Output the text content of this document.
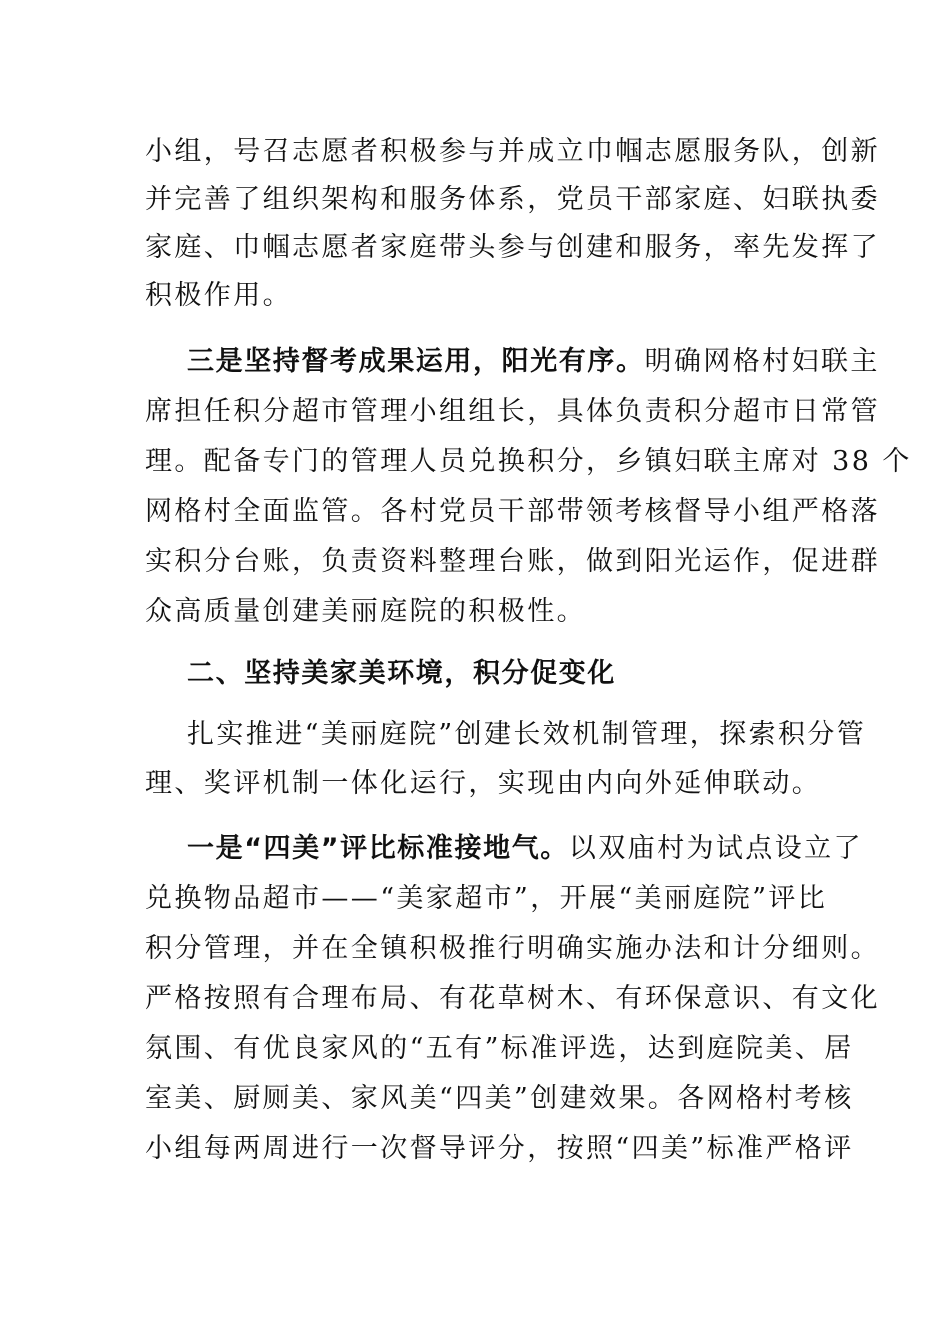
小组，号召志愿者积极参与并成立巾帼志愿服务队，创新
并完善了组织架构和服务体系，党员干部家庭、妇联执委
家庭、巾帼志愿者家庭带头参与创建和服务，率先发挥了
积极作用。
三是坚持督考成果运用，阳光有序。明确网格村妇联主
席担任积分超市管理小组组长，具体负责积分超市日常管
理。配备专门的管理人员兑换积分，乡镇妇联主席对 38 个
网格村全面监管。各村党员干部带领考核督导小组严格落
实积分台账，负责资料整理台账，做到阳光运作，促进群
众高质量创建美丽庭院的积极性。
二、坚持美家美环境，积分促变化
扎实推进“美丽庭院”创建长效机制管理，探索积分管
理、奖评机制一体化运行，实现由内向外延伸联动。
一是“四美”评比标准接地气。以双庙村为试点设立了
兑换物品超市——“美家超市”，开展“美丽庭院”评比
积分管理，并在全镇积极推行明确实施办法和计分细则。
严格按照有合理布局、有花草树木、有环保意识、有文化
氛围、有优良家风的“五有”标准评选，达到庭院美、居
室美、厨厕美、家风美“四美”创建效果。各网格村考核
小组每两周进行一次督导评分，按照“四美”标准严格评
